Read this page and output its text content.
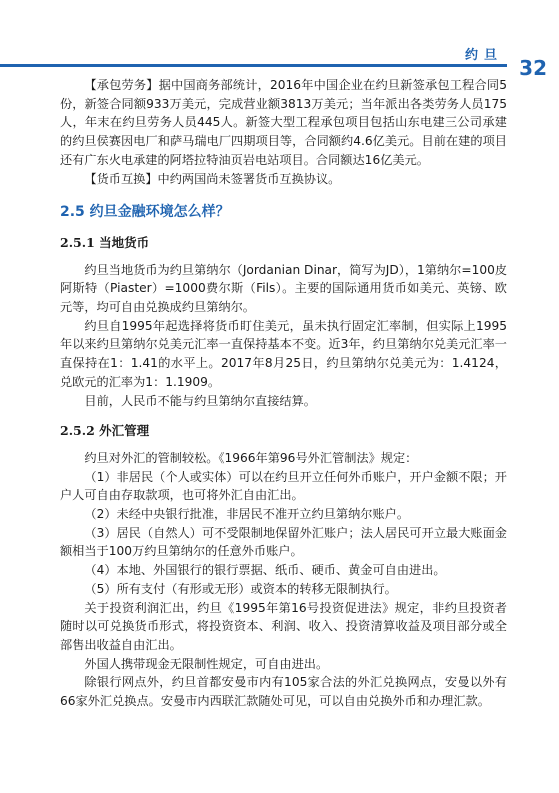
约旦
32

【承包劳务】据中国商务部统计，2016年中国企业在约旦新签承包工程合同5份，新签合同额933万美元，完成营业额3813万美元；当年派出各类劳务人员175人，年末在约旦劳务人员445人。新签大型工程承包项目包括山东电建三公司承建的约旦侯赛因电厂和萨马瑞电厂四期项目等，合同额约4.6亿美元。目前在建的项目还有广东火电承建的阿塔拉特油页岩电站项目。合同额达16亿美元。

【货币互换】中约两国尚未签署货币互换协议。

2.5 约旦金融环境怎么样？
2.5.1 当地货币

约旦当地货币为约旦第纳尔（Jordanian Dinar，简写为JD），1第纳尔=100皮阿斯特（Piaster）=1000费尔斯（Fils）。主要的国际通用货币如美元、英镑、欧元等，均可自由兑换成约旦第纳尔。

约旦自1995年起选择将货币盯住美元，虽未执行固定汇率制，但实际上1995年以来约旦第纳尔兑美元汇率一直保持基本不变。近3年，约旦第纳尔兑美元汇率一直保持在1：1.41的水平上。2017年8月25日，约旦第纳尔兑美元为：1.4124，兑欧元的汇率为1：1.1909。

目前，人民币不能与约旦第纳尔直接结算。

2.5.2 外汇管理

约旦对外汇的管制较松。《1966年第96号外汇管制法》规定：

（1）非居民（个人或实体）可以在约旦开立任何外币账户，开户金额不限；开户人可自由存取款项，也可将外汇自由汇出。

（2）未经中央银行批准，非居民不准开立约旦第纳尔账户。

（3）居民（自然人）可不受限制地保留外汇账户；法人居民可开立最大账面金额相当于100万约旦第纳尔的任意外币账户。

（4）本地、外国银行的银行票据、纸币、硬币、黄金可自由进出。

（5）所有支付（有形或无形）或资本的转移无限制执行。

关于投资利润汇出，约旦《1995年第16号投资促进法》规定，非约旦投资者随时以可兑换货币形式，将投资资本、利润、收入、投资清算收益及项目部分或全部售出收益自由汇出。

外国人携带现金无限制性规定，可自由进出。

除银行网点外，约旦首都安曼市内有105家合法的外汇兑换网点，安曼以外有66家外汇兑换点。安曼市内西联汇款随处可见，可以自由兑换外币和办理汇款。
